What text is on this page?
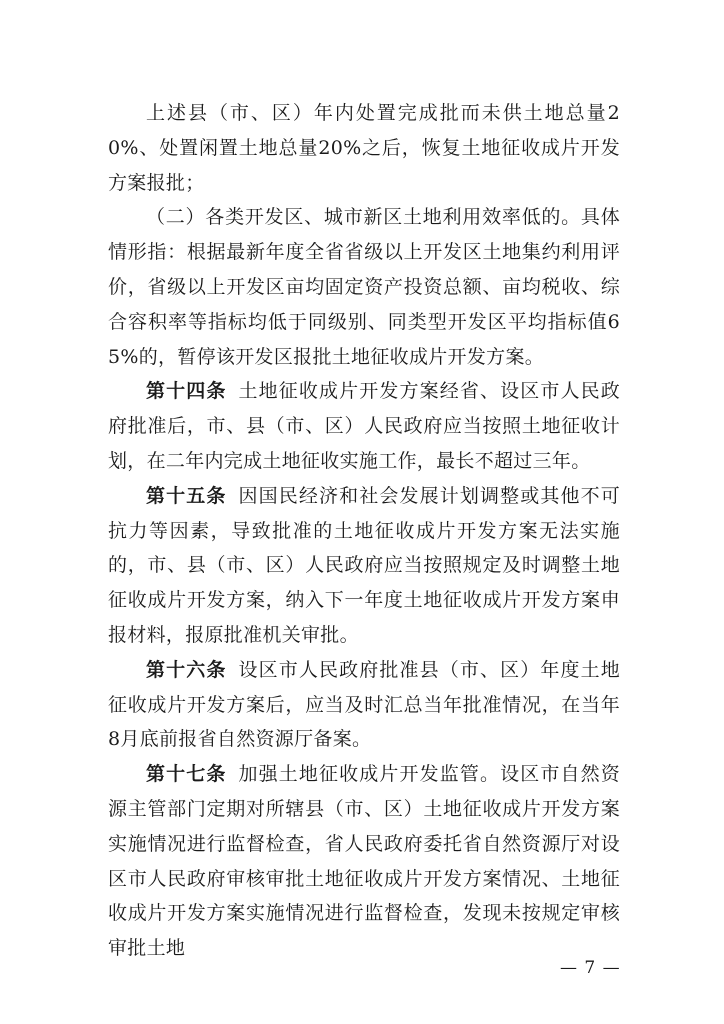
上述县（市、区）年内处置完成批而未供土地总量20%、处置闲置土地总量20%之后，恢复土地征收成片开发方案报批；

（二）各类开发区、城市新区土地利用效率低的。具体情形指：根据最新年度全省省级以上开发区土地集约利用评价，省级以上开发区亩均固定资产投资总额、亩均税收、综合容积率等指标均低于同级别、同类型开发区平均指标值65%的，暂停该开发区报批土地征收成片开发方案。

第十四条 土地征收成片开发方案经省、设区市人民政府批准后，市、县（市、区）人民政府应当按照土地征收计划，在二年内完成土地征收实施工作，最长不超过三年。

第十五条 因国民经济和社会发展计划调整或其他不可抗力等因素，导致批准的土地征收成片开发方案无法实施的，市、县（市、区）人民政府应当按照规定及时调整土地征收成片开发方案，纳入下一年度土地征收成片开发方案申报材料，报原批准机关审批。

第十六条 设区市人民政府批准县（市、区）年度土地征收成片开发方案后，应当及时汇总当年批准情况，在当年8月底前报省自然资源厅备案。

第十七条 加强土地征收成片开发监管。设区市自然资源主管部门定期对所辖县（市、区）土地征收成片开发方案实施情况进行监督检查，省人民政府委托省自然资源厅对设区市人民政府审核审批土地征收成片开发方案情况、土地征收成片开发方案实施情况进行监督检查，发现未按规定审核审批土地

— 7 —
